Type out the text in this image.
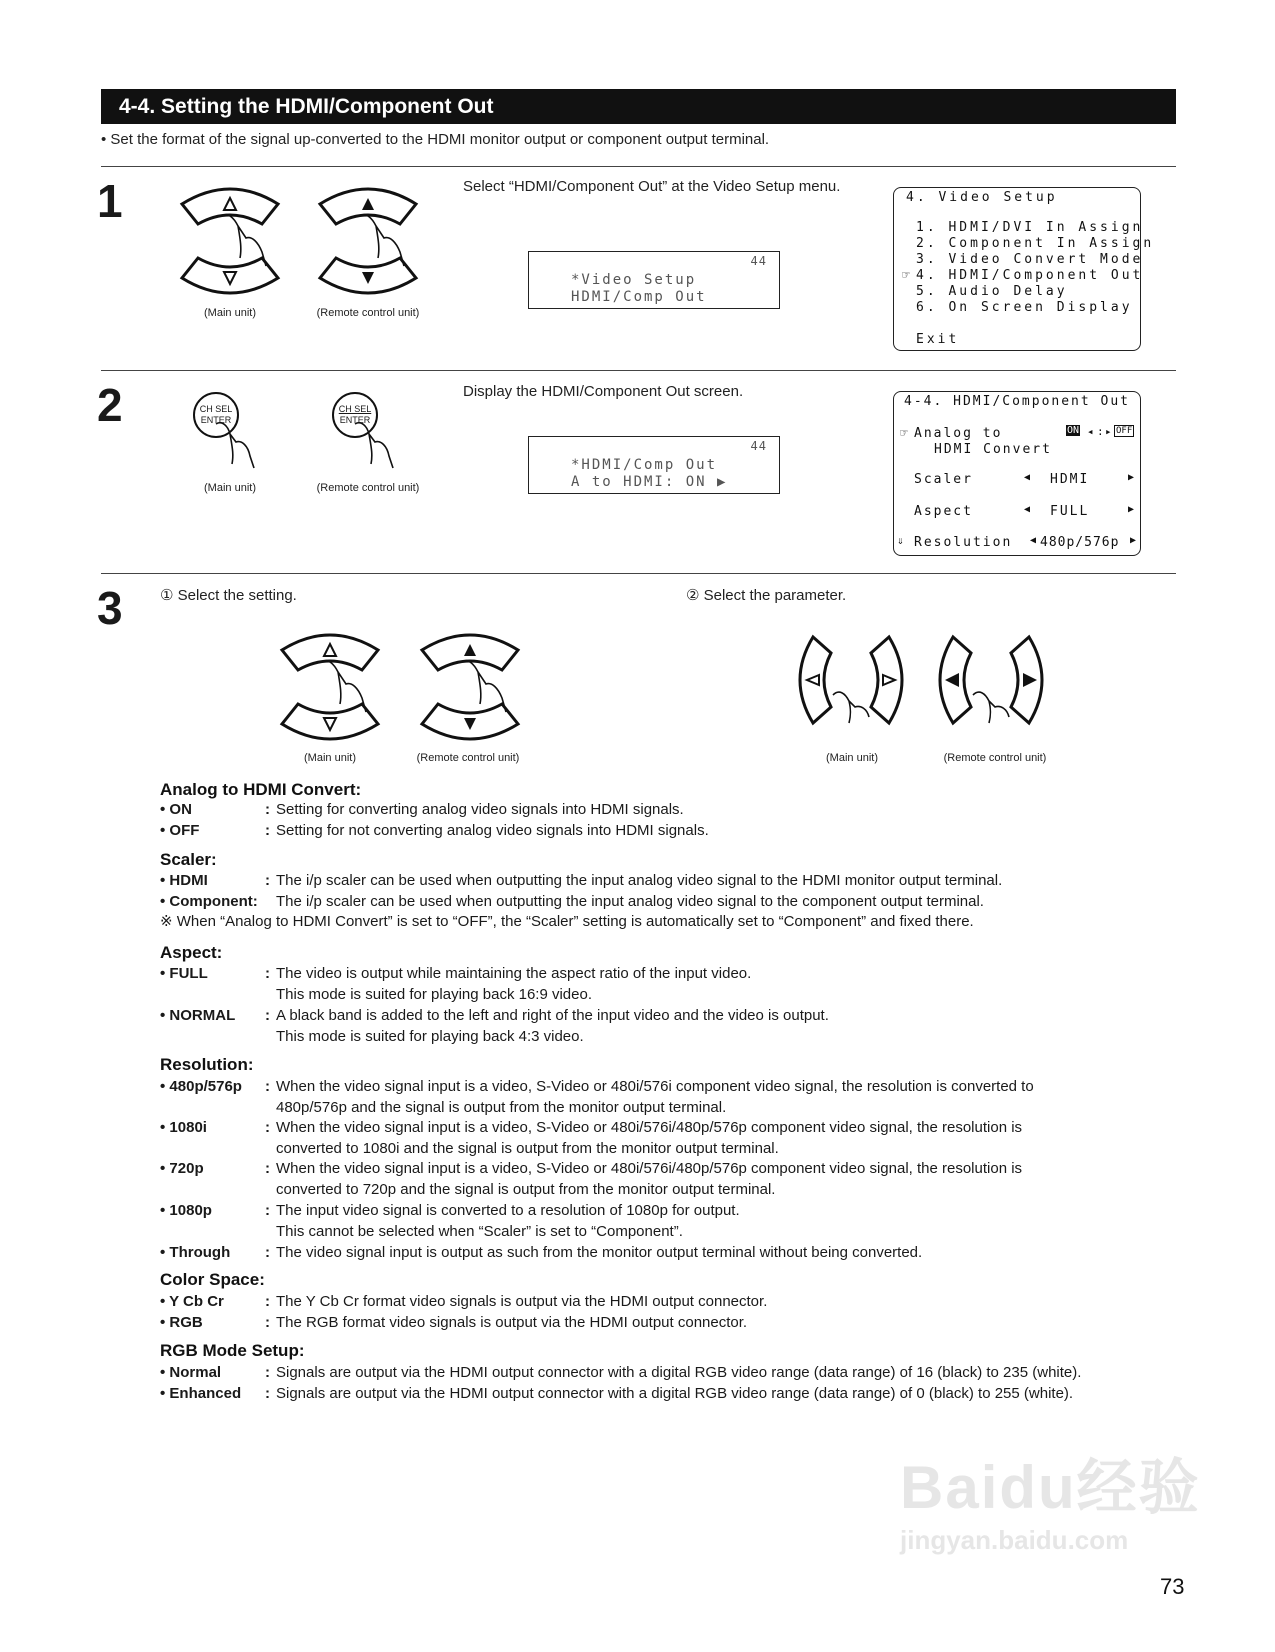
4-4. Setting the HDMI/Component Out
• Set the format of the signal up-converted to the HDMI monitor output or component output terminal.
1
(Main unit)	(Remote control unit)
Select “HDMI/Component Out” at the Video Setup menu.
44
*Video Setup
HDMI/Comp Out
4. Video Setup
1. HDMI/DVI In Assign
2. Component In Assign
3. Video Convert Mode
☞ 4. HDMI/Component Out
5. Audio Delay
6. On Screen Display
Exit
2	CH SEL
ENTER
(Main unit)
CH SEL
ENTER
(Remote control unit)
Display the HDMI/Component Out screen.
44
*HDMI/Comp Out
A to HDMI: ON ▶
4-4. HDMI/Component Out
☞ Analog to
HDMI Convert
ON ◂ : ▸ OFF
Scaler	◀ HDMI	▶
Aspect	◀ FULL	▶
⇓ Resolution ◀ 480p/576p ▶
3 ① Select the setting.	② Select the parameter.
(Main unit)	(Remote control unit)	(Main unit)	(Remote control unit)
Analog to HDMI Convert:
• ON	: Setting for converting analog video signals into HDMI signals.
• OFF	: Setting for not converting analog video signals into HDMI signals.
Scaler:
• HDMI	: The i/p scaler can be used when outputting the input analog video signal to the HDMI monitor output terminal.
• Component: The i/p scaler can be used when outputting the input analog video signal to the component output terminal.
※ When “Analog to HDMI Convert” is set to “OFF”, the “Scaler” setting is automatically set to “Component” and fixed there.
Aspect:
• FULL	: The video is output while maintaining the aspect ratio of the input video.
This mode is suited for playing back 16:9 video.
• NORMAL : A black band is added to the left and right of the input video and the video is output.
This mode is suited for playing back 4:3 video.
Resolution:
• 480p/576p : When the video signal input is a video, S-Video or 480i/576i component video signal, the resolution is converted to
480p/576p and the signal is output from the monitor output terminal.
• 1080i	: When the video signal input is a video, S-Video or 480i/576i/480p/576p component video signal, the resolution is
converted to 1080i and the signal is output from the monitor output terminal.
• 720p	: When the video signal input is a video, S-Video or 480i/576i/480p/576p component video signal, the resolution is
converted to 720p and the signal is output from the monitor output terminal.
• 1080p	: The input video signal is converted to a resolution of 1080p for output.
This cannot be selected when “Scaler” is set to “Component”.
• Through : The video signal input is output as such from the monitor output terminal without being converted.
Color Space:
• Y Cb Cr	: The Y Cb Cr format video signals is output via the HDMI output connector.
• RGB	: The RGB format video signals is output via the HDMI output connector.
RGB Mode Setup:
• Normal	: Signals are output via the HDMI output connector with a digital RGB video range (data range) of 16 (black) to 235 (white).
• Enhanced : Signals are output via the HDMI output connector with a digital RGB video range (data range) of 0 (black) to 255 (white).
Baidu经验
jingyan.baidu.com
73
